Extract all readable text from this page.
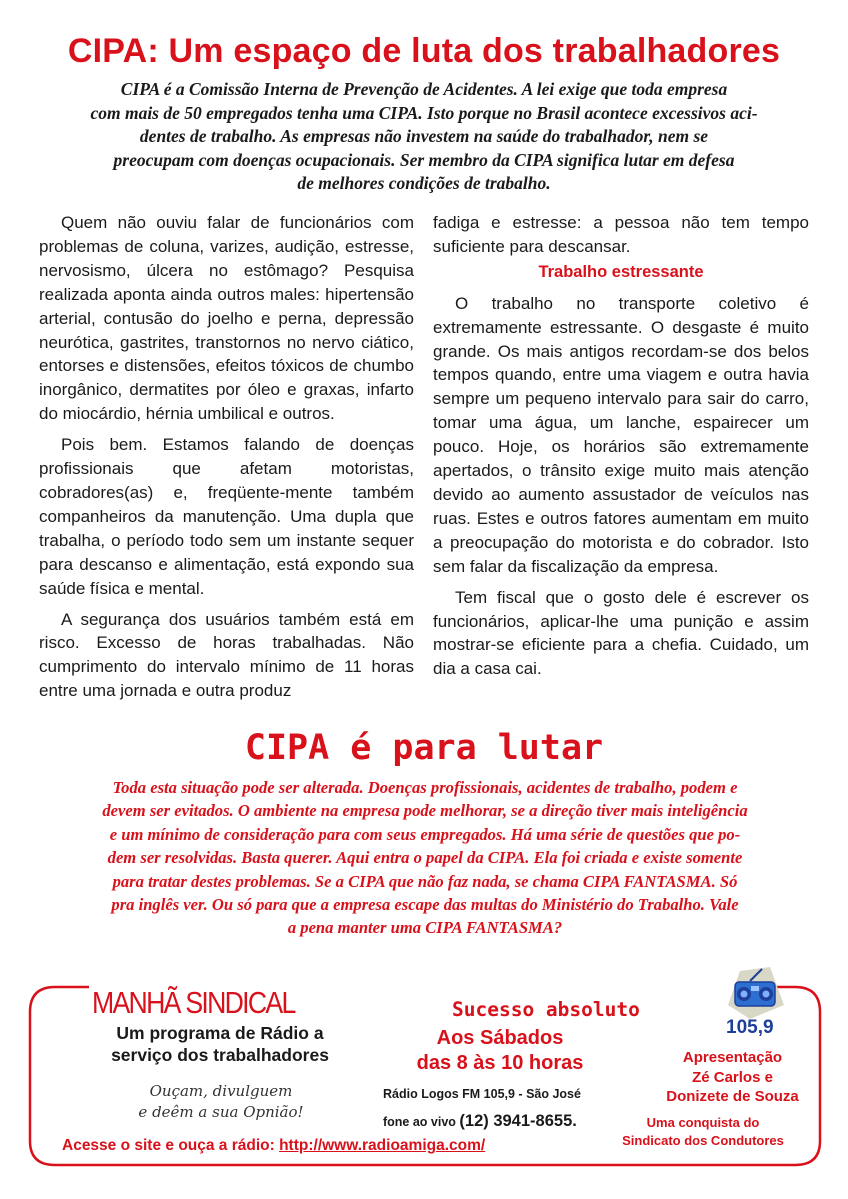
CIPA: Um espaço de luta dos trabalhadores
CIPA é a Comissão Interna de Prevenção de Acidentes. A lei exige que toda empresa
com mais de 50 empregados tenha uma CIPA. Isto porque no Brasil acontece excessivos aci-
dentes de trabalho. As empresas não investem na saúde do trabalhador, nem se
preocupam com doenças ocupacionais. Ser membro da CIPA significa lutar em defesa
de melhores condições de trabalho.

Quem não ouviu falar de funcionários com problemas de coluna, varizes, audição, estresse, nervosismo, úlcera no estômago? Pesquisa realizada aponta ainda outros males: hipertensão arterial, contusão do joelho e perna, depressão neurótica, gastrites, transtornos no nervo ciático, entorses e distensões, efeitos tóxicos de chumbo inorgânico, dermatites por óleo e graxas, infarto do miocárdio, hérnia umbilical e outros.

Pois bem. Estamos falando de doenças profissionais que afetam motoristas, cobradores(as) e, freqüente-mente também companheiros da manutenção. Uma dupla que trabalha, o período todo sem um instante sequer para descanso e alimentação, está expondo sua saúde física e mental.

A segurança dos usuários também está em risco. Excesso de horas trabalhadas. Não cumprimento do intervalo mínimo de 11 horas entre uma jornada e outra produz

fadiga e estresse: a pessoa não tem tempo suficiente para descansar.

Trabalho estressante

O trabalho no transporte coletivo é extremamente estressante. O desgaste é muito grande. Os mais antigos recordam-se dos belos tempos quando, entre uma viagem e outra havia sempre um pequeno intervalo para sair do carro, tomar uma água, um lanche, espairecer um pouco. Hoje, os horários são extremamente apertados, o trânsito exige muito mais atenção devido ao aumento assustador de veículos nas ruas. Estes e outros fatores aumentam em muito a preocupação do motorista e do cobrador. Isto sem falar da fiscalização da empresa.

Tem fiscal que o gosto dele é escrever os funcionários, aplicar-lhe uma punição e assim mostrar-se eficiente para a chefia. Cuidado, um dia a casa cai.

CIPA é para lutar
Toda esta situação pode ser alterada. Doenças profissionais, acidentes de trabalho, podem e
devem ser evitados. O ambiente na empresa pode melhorar, se a direção tiver mais inteligência
e um mínimo de consideração para com seus empregados. Há uma série de questões que po-
dem ser resolvidas. Basta querer. Aqui entra o papel da CIPA. Ela foi criada e existe somente
para tratar destes problemas. Se a CIPA que não faz nada, se chama CIPA FANTASMA. Só
pra inglês ver. Ou só para que a empresa escape das multas do Ministério do Trabalho. Vale
a pena manter uma CIPA FANTASMA?
MANHÃ SINDICAL
Um programa de Rádio a
serviço dos trabalhadores
Ouçam, divulguem
e deêm a sua Opnião!
Acesse o site e ouça a rádio: http://www.radioamiga.com/
Sucesso absoluto
Aos Sábados
das 8 às 10 horas
Rádio Logos FM 105,9 - São José
fone ao vivo (12) 3941-8655.
105,9
Apresentação
Zé Carlos e
Donizete de Souza
Uma conquista do
Sindicato dos Condutores
